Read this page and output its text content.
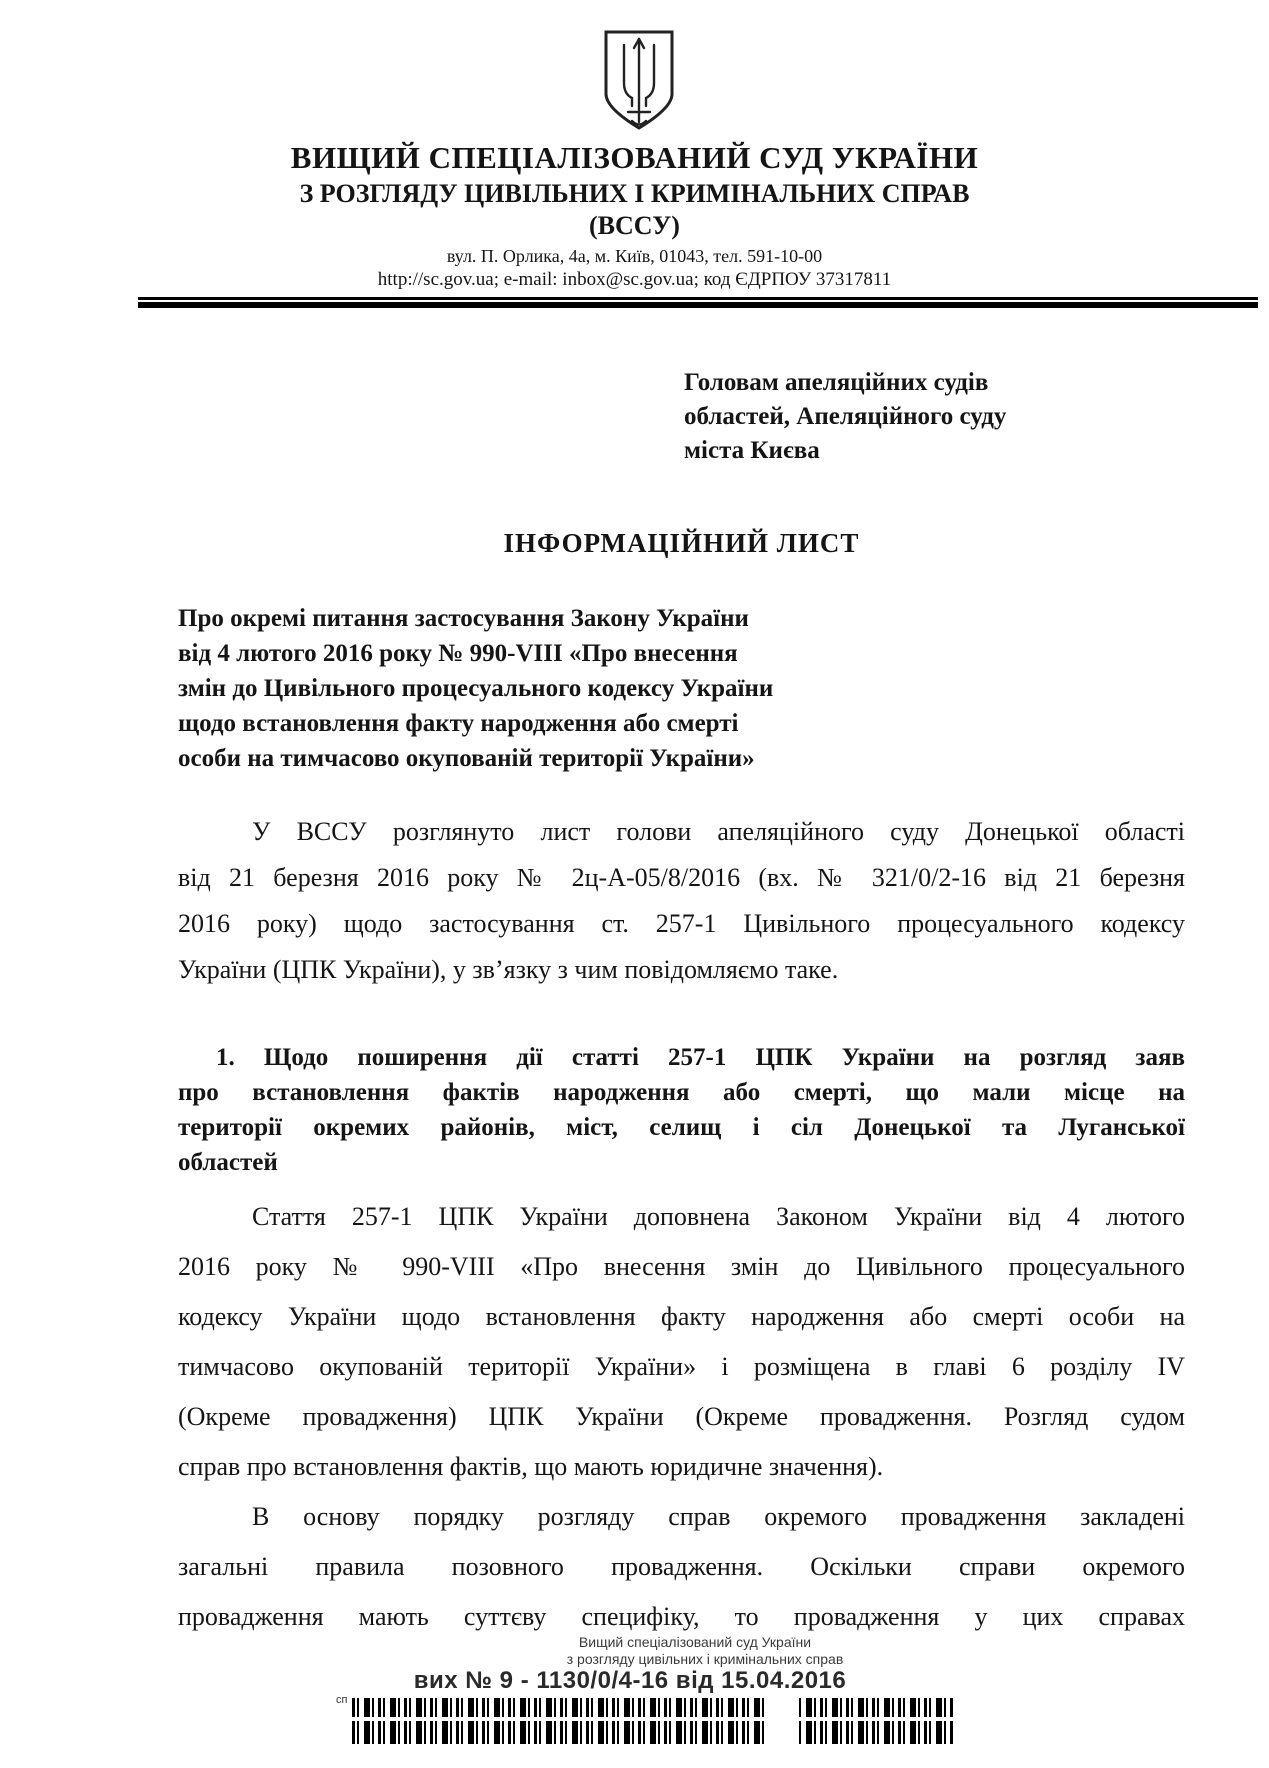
ВИЩИЙ СПЕЦІАЛІЗОВАНИЙ СУД УКРАЇНИ
З РОЗГЛЯДУ ЦИВІЛЬНИХ І КРИМІНАЛЬНИХ СПРАВ
(ВССУ)
вул. П. Орлика, 4а, м. Київ, 01043, тел. 591-10-00
http://sc.gov.ua; e-mail: inbox@sc.gov.ua; код ЄДРПОУ 37317811
Головам апеляційних судів
областей, Апеляційного суду
міста Києва
ІНФОРМАЦІЙНИЙ ЛИСТ
Про окремі питання застосування Закону України
від 4 лютого 2016 року № 990-VIII «Про внесення
змін до Цивільного процесуального кодексу України
щодо встановлення факту народження або смерті
особи на тимчасово окупованій території України»
У ВССУ розглянуто лист голови апеляційного суду Донецької області
від 21 березня 2016 року № 2ц-А-05/8/2016 (вх. № 321/0/2-16 від 21 березня
2016 року) щодо застосування ст. 257-1 Цивільного процесуального кодексу
України (ЦПК України), у зв’язку з чим повідомляємо таке.
1. Щодо поширення дії статті 257-1 ЦПК України на розгляд заяв
про встановлення фактів народження або смерті, що мали місце на
території окремих районів, міст, селищ і сіл Донецької та Луганської
областей
Стаття 257-1 ЦПК України доповнена Законом України від 4 лютого
2016 року № 990-VIII «Про внесення змін до Цивільного процесуального
кодексу України щодо встановлення факту народження або смерті особи на
тимчасово окупованій території України» і розміщена в главі 6 розділу IV
(Окреме провадження) ЦПК України (Окреме провадження. Розгляд судом
справ про встановлення фактів, що мають юридичне значення).
В основу порядку розгляду справ окремого провадження закладені
загальні правила позовного провадження. Оскільки справи окремого
провадження мають суттєву специфіку, то провадження у цих справах
Вищий спеціалізований суд України
з розгляду цивільних і кримінальних справ
вих № 9 - 1130/0/4-16 від 15.04.2016
сп
